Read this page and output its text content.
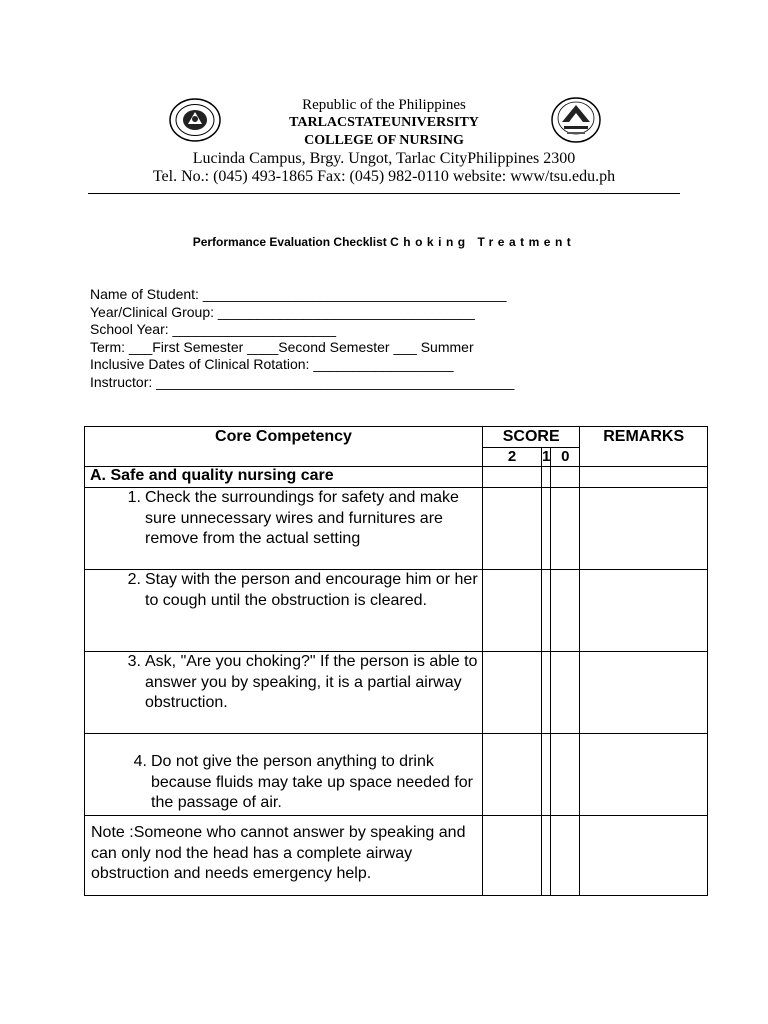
Republic of the Philippines
TARLACSTATEUNIVERSITY
COLLEGE OF NURSING
Lucinda Campus, Brgy. Ungot, Tarlac CityPhilippines 2300
Tel. No.: (045) 493-1865 Fax: (045) 982-0110 website: www/tsu.edu.ph
Performance Evaluation Checklist Choking Treatment
Name of Student: _______________________________________
Year/Clinical Group: _________________________________
School Year: _____________________
Term: ___First Semester ____Second Semester ___ Summer
Inclusive Dates of Clinical Rotation: __________________
Instructor: ______________________________________________
Core Competency	SCORE			REMARKS
	2	1	0	
A. Safe and quality nursing care				

1. Check the surroundings for safety and make sure unnecessary wires and furnitures are remove from the actual setting				

2. Stay with the person and encourage him or her to cough until the obstruction is cleared.				

3. Ask, "Are you choking?" If the person is able to answer you by speaking, it is a partial airway obstruction.				

4. Do not give the person anything to drink because fluids may take up space needed for the passage of air.				

Note :Someone who cannot answer by speaking and can only nod the head has a complete airway obstruction and needs emergency help.				
